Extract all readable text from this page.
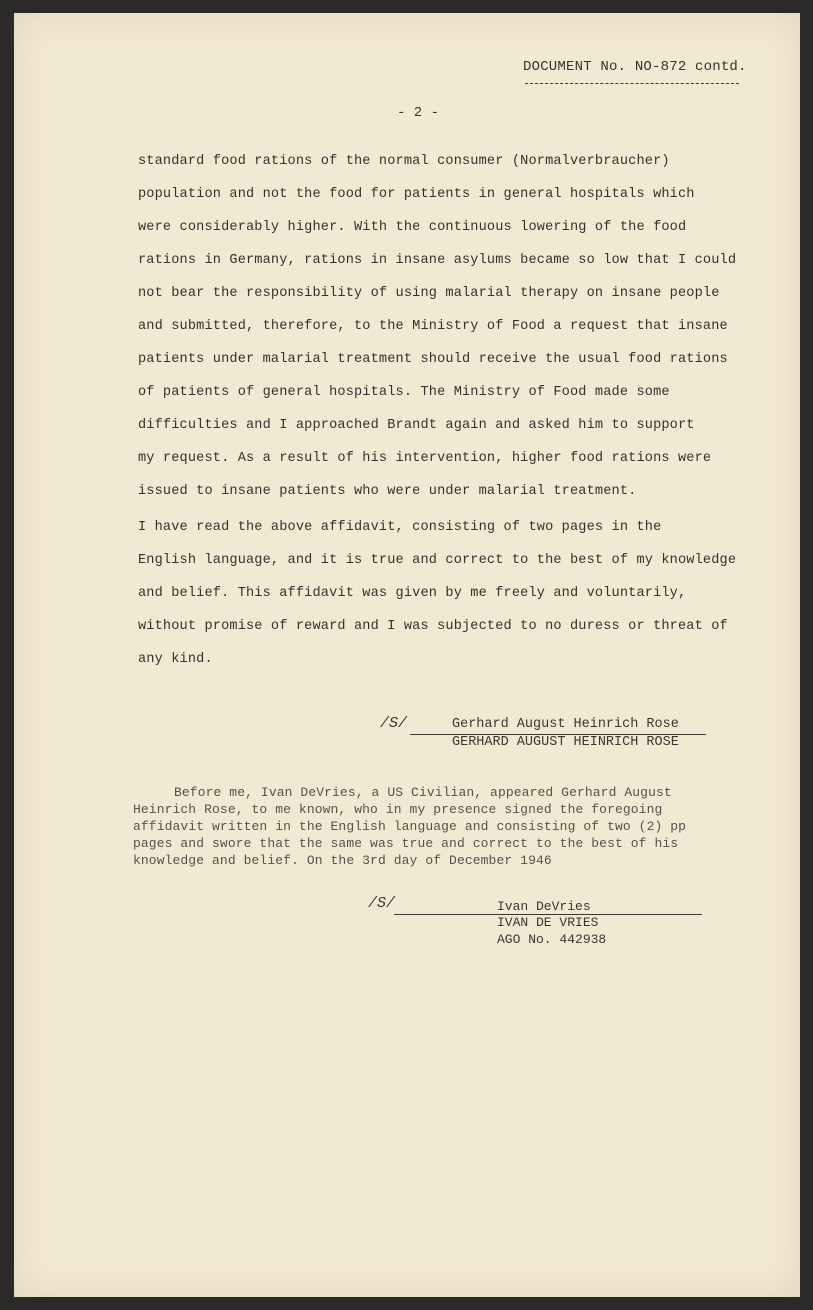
DOCUMENT No. NO-872 contd.
- 2 -
standard food rations of the normal consumer (Normalverbraucher)
population and not the food for patients in general hospitals which
were considerably higher. With the continuous lowering of the food
rations in Germany, rations in insane asylums became so low that I could
not bear the responsibility of using malarial therapy on insane people
and submitted, therefore, to the Ministry of Food a request that insane
patients under malarial treatment should receive the usual food rations
of patients of general hospitals. The Ministry of Food made some
difficulties and I approached Brandt again and asked him to support
my request. As a result of his intervention, higher food rations were
issued to insane patients who were under malarial treatment.
I have read the above affidavit, consisting of two pages in the
English language, and it is true and correct to the best of my knowledge
and belief. This affidavit was given by me freely and voluntarily,
without promise of reward and I was subjected to no duress or threat of
any kind.
/S/	Gerhard August Heinrich Rose
GERHARD AUGUST HEINRICH ROSE
Before me, Ivan DeVries, a US Civilian, appeared Gerhard August
Heinrich Rose, to me known, who in my presence signed the foregoing
affidavit written in the English language and consisting of two (2) pp
pages and swore that the same was true and correct to the best of his
knowledge and belief. On the 3rd day of December 1946
/S/	Ivan DeVries
IVAN DE VRIES
AGO No. 442938
